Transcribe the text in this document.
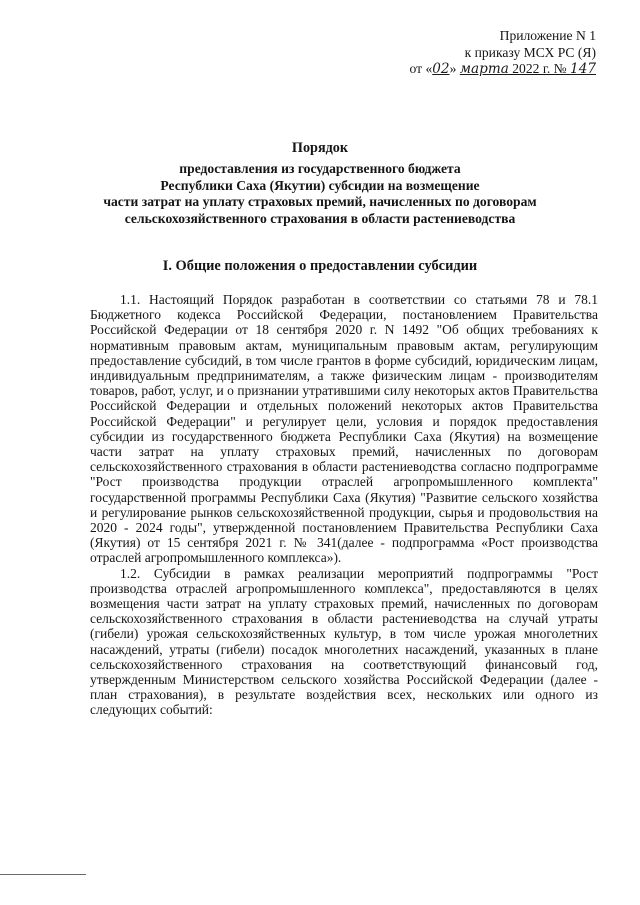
Приложение N 1
к приказу МСХ РС (Я)
от «02» марта 2022 г. № 147
Порядок
предоставления из государственного бюджета
Республики Саха (Якутии) субсидии на возмещение
части затрат на уплату страховых премий, начисленных по договорам
сельскохозяйственного страхования в области растениеводства
I. Общие положения о предоставлении субсидии

1.1. Настоящий Порядок разработан в соответствии со статьями 78 и 78.1 Бюджетного кодекса Российской Федерации, постановлением Правительства Российской Федерации от 18 сентября 2020 г. N 1492 "Об общих требованиях к нормативным правовым актам, муниципальным правовым актам, регулирующим предоставление субсидий, в том числе грантов в форме субсидий, юридическим лицам, индивидуальным предпринимателям, а также физическим лицам - производителям товаров, работ, услуг, и о признании утратившими силу некоторых актов Правительства Российской Федерации и отдельных положений некоторых актов Правительства Российской Федерации" и регулирует цели, условия и порядок предоставления субсидии из государственного бюджета Республики Саха (Якутия) на возмещение части затрат на уплату страховых премий, начисленных по договорам сельскохозяйственного страхования в области растениеводства согласно подпрограмме "Рост производства продукции отраслей агропромышленного комплекта" государственной программы Республики Саха (Якутия) "Развитие сельского хозяйства и регулирование рынков сельскохозяйственной продукции, сырья и продовольствия на 2020 - 2024 годы", утвержденной постановлением Правительства Республики Саха (Якутия) от 15 сентября 2021 г. № 341(далее - подпрограмма «Рост производства отраслей агропромышленного комплекса»).

1.2. Субсидии в рамках реализации мероприятий подпрограммы "Рост производства отраслей агропромышленного комплекса", предоставляются в целях возмещения части затрат на уплату страховых премий, начисленных по договорам сельскохозяйственного страхования в области растениеводства на случай утраты (гибели) урожая сельскохозяйственных культур, в том числе урожая многолетних насаждений, утраты (гибели) посадок многолетних насаждений, указанных в плане сельскохозяйственного страхования на соответствующий финансовый год, утвержденным Министерством сельского хозяйства Российской Федерации (далее - план страхования), в результате воздействия всех, нескольких или одного из следующих событий:
